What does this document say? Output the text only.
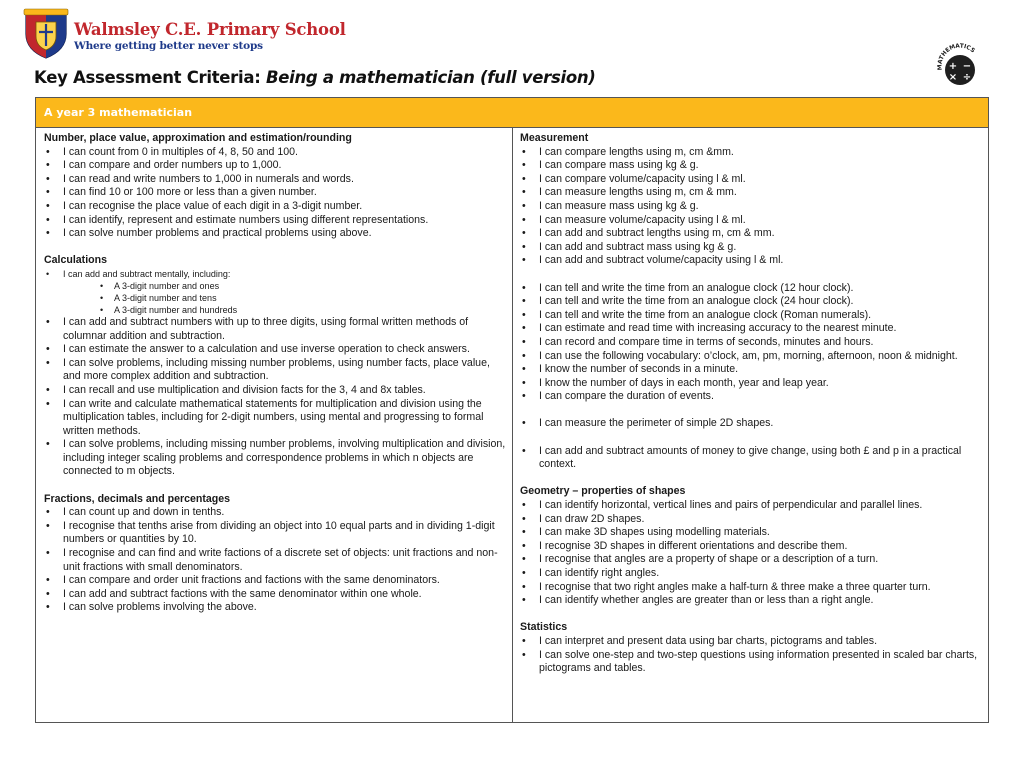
Walmsley C.E. Primary School
Where getting better never stops
MATHEMATICS
+ −
× ÷
Key Assessment Criteria: Being a mathematician (full version)
A year 3 mathematician
Number, place value, approximation and estimation/rounding
• I can count from 0 in multiples of 4, 8, 50 and 100.
• I can compare and order numbers up to 1,000.
• I can read and write numbers to 1,000 in numerals and words.
• I can find 10 or 100 more or less than a given number.
• I can recognise the place value of each digit in a 3-digit number.
• I can identify, represent and estimate numbers using different representations.
• I can solve number problems and practical problems using above.
Calculations
• I can add and subtract mentally, including:
• A 3-digit number and ones
• A 3-digit number and tens
• A 3-digit number and hundreds
• I can add and subtract numbers with up to three digits, using formal written methods of columnar addition and subtraction.
• I can estimate the answer to a calculation and use inverse operation to check answers.
• I can solve problems, including missing number problems, using number facts, place value, and more complex addition and subtraction.
• I can recall and use multiplication and division facts for the 3, 4 and 8x tables.
• I can write and calculate mathematical statements for multiplication and division using the multiplication tables, including for 2-digit numbers, using mental and progressing to formal written methods.
• I can solve problems, including missing number problems, involving multiplication and division, including integer scaling problems and correspondence problems in which n objects are connected to m objects.
Fractions, decimals and percentages
• I can count up and down in tenths.
• I recognise that tenths arise from dividing an object into 10 equal parts and in dividing 1-digit numbers or quantities by 10.
• I recognise and can find and write factions of a discrete set of objects: unit fractions and non-unit fractions with small denominators.
• I can compare and order unit fractions and factions with the same denominators.
• I can add and subtract factions with the same denominator within one whole.
• I can solve problems involving the above.
Measurement
• I can compare lengths using m, cm &mm.
• I can compare mass using kg & g.
• I can compare volume/capacity using l & ml.
• I can measure lengths using m, cm & mm.
• I can measure mass using kg & g.
• I can measure volume/capacity using l & ml.
• I can add and subtract lengths using m, cm & mm.
• I can add and subtract mass using kg & g.
• I can add and subtract volume/capacity using l & ml.
• I can tell and write the time from an analogue clock (12 hour clock).
• I can tell and write the time from an analogue clock (24 hour clock).
• I can tell and write the time from an analogue clock (Roman numerals).
• I can estimate and read time with increasing accuracy to the nearest minute.
• I can record and compare time in terms of seconds, minutes and hours.
• I can use the following vocabulary: o’clock, am, pm, morning, afternoon, noon & midnight.
• I know the number of seconds in a minute.
• I know the number of days in each month, year and leap year.
• I can compare the duration of events.
• I can measure the perimeter of simple 2D shapes.
• I can add and subtract amounts of money to give change, using both £ and p in a practical context.
Geometry – properties of shapes
• I can identify horizontal, vertical lines and pairs of perpendicular and parallel lines.
• I can draw 2D shapes.
• I can make 3D shapes using modelling materials.
• I recognise 3D shapes in different orientations and describe them.
• I recognise that angles are a property of shape or a description of a turn.
• I can identify right angles.
• I recognise that two right angles make a half-turn & three make a three quarter turn.
• I can identify whether angles are greater than or less than a right angle.
Statistics
• I can interpret and present data using bar charts, pictograms and tables.
• I can solve one-step and two-step questions using information presented in scaled bar charts, pictograms and tables.
